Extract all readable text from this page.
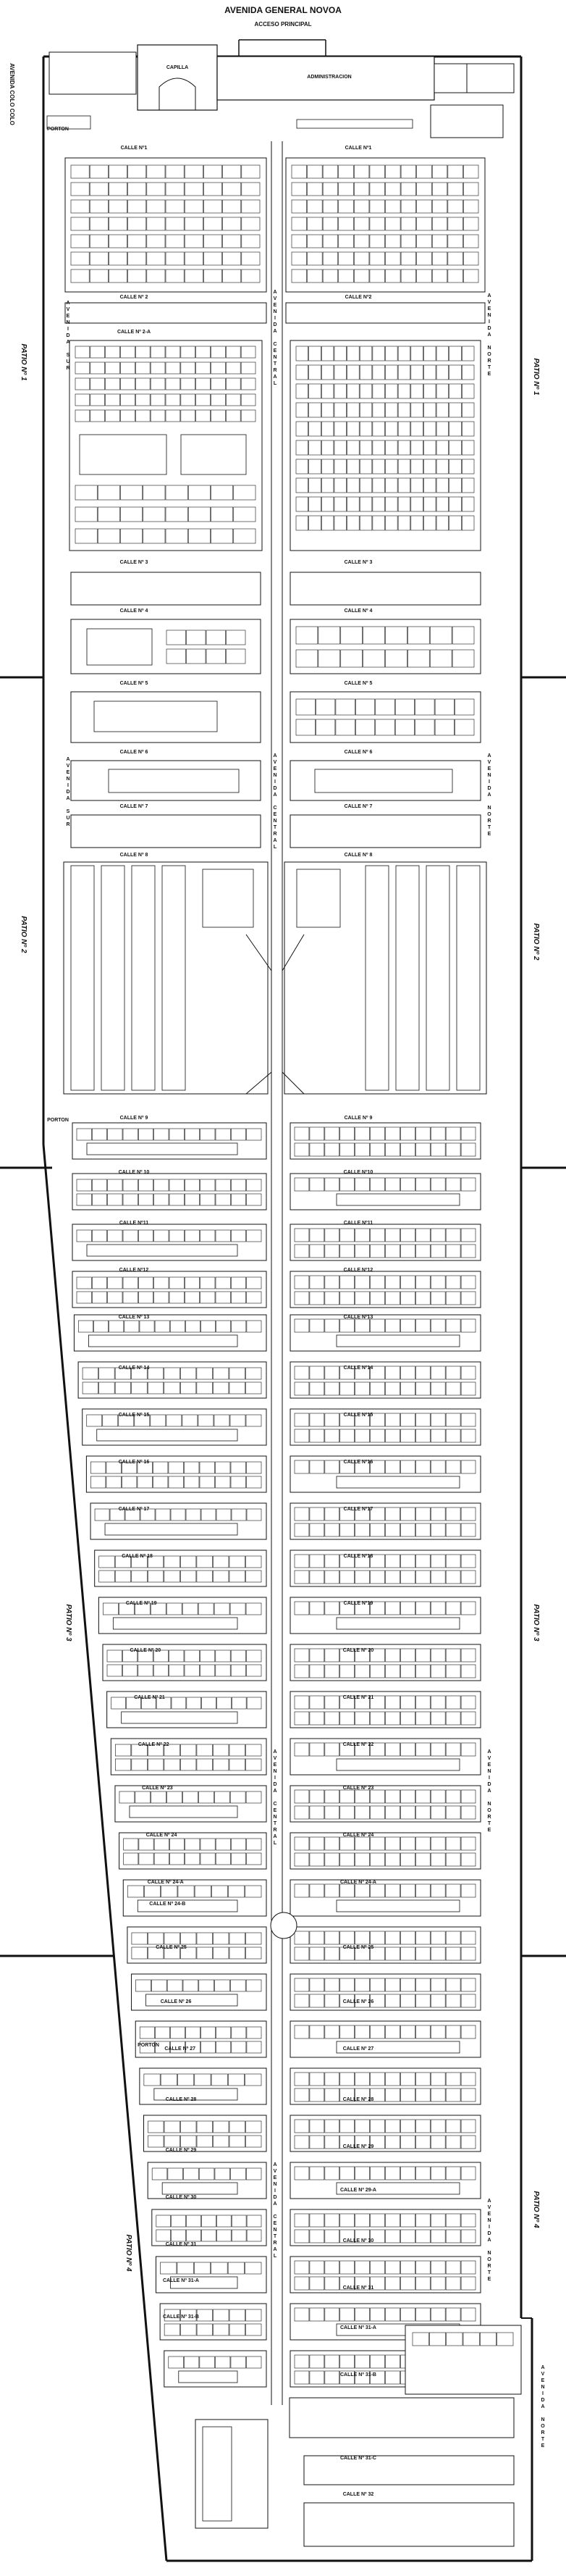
AVENIDA GENERAL NOVOA
ACCESO PRINCIPAL
AVENIDA COLO COLO	CAPILLA
ADMINISTRACION
PORTON
PORTON
PORTON
PATIO Nº 1
PATIO Nº 2
PATIO Nº 3
PATIO Nº 4
PATIO Nº 1
PATIO Nº 2
PATIO Nº 3
PATIO Nº 4
A
V
E
N
I
D
A
S
U
R
A
V
E
N
I
D
A
S
U
R
A
V
E
N
I
D
A
C
E
N
T
R
A
L
A
V
E
N
I
D
A
C
E
N
T
R
A
L
A
V
E
N
I
D
A
C
E
N
T
R
A
L
A
V
E
N
I
D
A
C
E
N
T
R
A
L
A
V
E
N
I
D
A
N
O
R
T
E
A
V
E
N
I
D
A
N
O
R
T
E
A
V
E
N
I
D
A
N
O
R
T
E
A
V
E
N
I
D
A
N
O
R
T
E
A
V
E
N
I
D
A
N
O
R
T
E
CALLE Nº1
CALLE Nº 2
CALLE Nº 2-A
CALLE Nº 3
CALLE Nº 4
CALLE Nº 5
CALLE Nº 6
CALLE Nº 7
CALLE Nº 8
CALLE Nº 9
CALLE Nº 10
CALLE Nº11
CALLE Nº12
CALLE Nº 13
CALLE Nº 14
CALLE Nº 15
CALLE Nº 16
CALLE Nº 17
CALLE Nº 18
CALLE Nº 19
CALLE Nº 20
CALLE Nº 21
CALLE Nº 22
CALLE Nº 23
CALLE Nº 24
CALLE Nº 24-A
CALLE Nº 24-B
CALLE Nº 25
CALLE Nº 26
CALLE Nº 27
CALLE Nº 28
CALLE Nº 29
CALLE Nº 30
CALLE Nº 31
CALLE Nº 31-A
CALLE Nº 31-B
CALLE Nº1
CALLE Nº2
CALLE Nº 3
CALLE Nº 4
CALLE Nº 5
CALLE Nº 6
CALLE Nº 7
CALLE Nº 8
CALLE Nº 9
CALLE Nº10
CALLE Nº11
CALLE Nº12
CALLE Nº13
CALLE Nº14
CALLE Nº15
CALLE Nº16
CALLE Nº17
CALLE Nº18
CALLE Nº19
CALLE Nº 20
CALLE Nº 21
CALLE Nº 22
CALLE Nº 23
CALLE Nº 24
CALLE Nº 24-A
CALLE Nº 25
CALLE Nº 26
CALLE Nº 27
CALLE Nº 28
CALLE Nº 29
CALLE Nº 29-A
CALLE Nº 30
CALLE Nº 31
CALLE Nº 31-A
CALLE Nº 31-B
CALLE Nº 31-C
CALLE Nº 32
